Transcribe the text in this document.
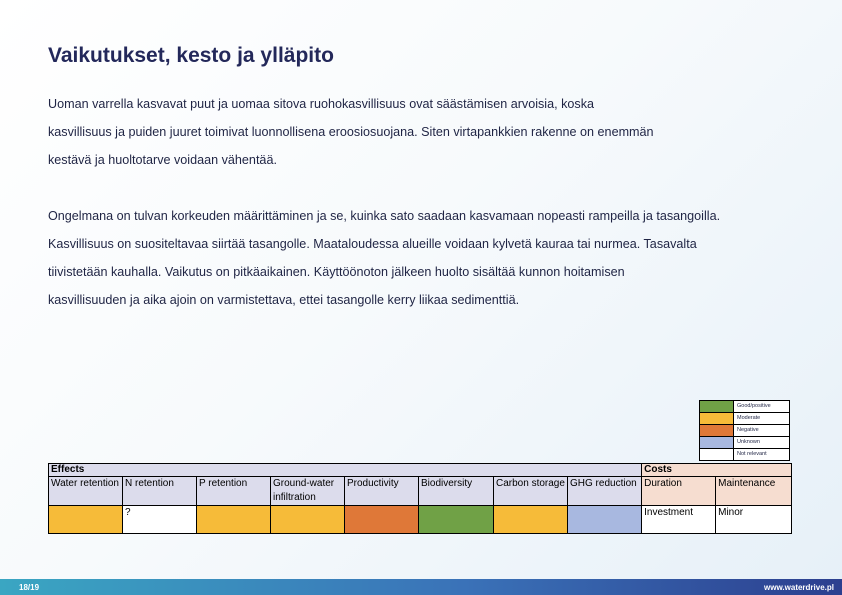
Vaikutukset, kesto ja ylläpito

Uoman varrella kasvavat puut ja uomaa sitova ruohokasvillisuus ovat säästämisen arvoisia, koska
kasvillisuus ja puiden juuret toimivat luonnollisena eroosiosuojana. Siten virtapankkien rakenne on enemmän
kestävä ja huoltotarve voidaan vähentää.

Ongelmana on tulvan korkeuden määrittäminen ja se, kuinka sato saadaan kasvamaan nopeasti rampeilla ja tasangoilla.
Kasvillisuus on suositeltavaa siirtää tasangolle. Maataloudessa alueille voidaan kylvetä kauraa tai nurmea. Tasavalta
tiivistetään kauhalla. Vaikutus on pitkäaikainen. Käyttöönoton jälkeen huolto sisältää kunnon hoitamisen
kasvillisuuden ja aika ajoin on varmistettava, ettei tasangolle kerry liikaa sedimenttiä.

	Good/positive
	Moderate
	Negative
	Unknown
	Not relevant
Effects								Costs	
Water retention	N retention	P retention	Ground-water infiltration	Productivity	Biodiversity	Carbon storage	GHG reduction	Duration	Maintenance
	?							Investment	Minor
18/19	www.waterdrive.pl
